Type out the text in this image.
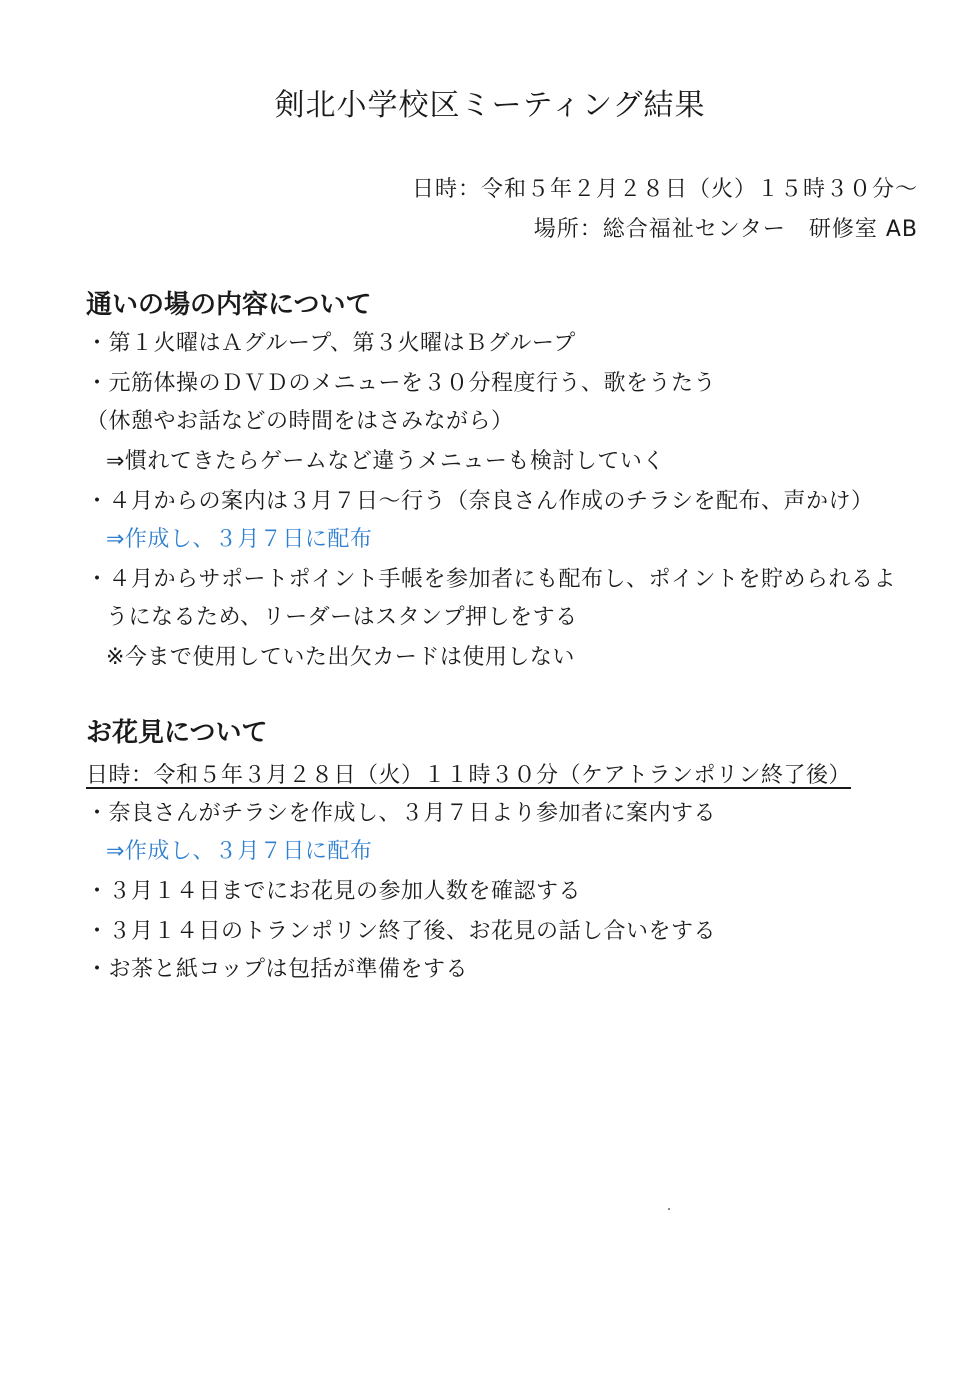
剣北小学校区ミーティング結果
日時：令和５年２月２８日（火）１５時３０分～
場所：総合福祉センター　研修室 AB
通いの場の内容について
・第１火曜はＡグループ、第３火曜はＢグループ
・元筋体操のＤＶＤのメニューを３０分程度行う、歌をうたう
（休憩やお話などの時間をはさみながら）
⇒慣れてきたらゲームなど違うメニューも検討していく
・４月からの案内は３月７日～行う（奈良さん作成のチラシを配布、声かけ）
⇒作成し、３月７日に配布
・４月からサポートポイント手帳を参加者にも配布し、ポイントを貯められるよ
うになるため、リーダーはスタンプ押しをする
※今まで使用していた出欠カードは使用しない
お花見について
日時：令和５年３月２８日（火）１１時３０分（ケアトランポリン終了後）
・奈良さんがチラシを作成し、３月７日より参加者に案内する
⇒作成し、３月７日に配布
・３月１４日までにお花見の参加人数を確認する
・３月１４日のトランポリン終了後、お花見の話し合いをする
・お茶と紙コップは包括が準備をする
